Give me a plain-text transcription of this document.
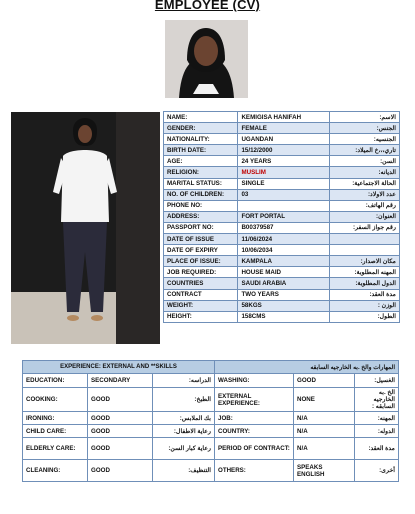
EMPLOYEE (CV)
NAME:	KEMIGISA HANIFAH	الاسم:
GENDER:	FEMALE	الجنس:
NATIONALITY:	UGANDAN	الجنسيه:
BIRTH DATE:	15/12/2000	تاري،،،خ الميلاد:
AGE:	24 YEARS	السن:
RELIGION:	MUSLIM	الديانه:
MARITAL STATUS:	SINGLE	الحالة الاجتماعية:
NO. OF CHILDREN:	03	عدد الاولاد:
PHONE NO:		رقم الهاتف:
ADDRESS:	FORT PORTAL	العنوان:
PASSPORT NO:	B00379587	رقم جواز السفر:
DATE OF ISSUE	11/06/2024	
DATE OF EXPIRY	10/06/2034	
PLACE OF ISSUE:	KAMPALA	مكان الاصدار:
JOB REQUIRED:	HOUSE MAID	المهنه المطلوبة:
COUNTRIES	SAUDI ARABIA	الدول المطلوبة:
CONTRACT	TWO YEARS	مدة العقد:
WEIGHT:	58KGS	الوزن :
HEIGHT:	158CMS	الطول:
EXPERIENCE: EXTERNAL AND **SKILLS			المهارات والخ .به الخارجيه السابقه		
EDUCATION:	SECONDARY	الدراسه:	WASHING:	GOOD	الغسيل:
COOKING:	GOOD	الطبخ:	EXTERNAL EXPERIENCE:	NONE	الخ .به الخارجيه السابقه :
IRONING:	GOOD	بك الملابس:	JOB:	N/A	المهنه:
CHILD CARE:	GOOD	رعاية الاطفال:	COUNTRY:	N/A	الدوله:
ELDERLY CARE:	GOOD	رعاية كبار السن:	PERIOD OF CONTRACT:	N/A	مدة العقد:
CLEANING:	GOOD	التنظيف:	OTHERS:	SPEAKS ENGLISH	أخرى:
